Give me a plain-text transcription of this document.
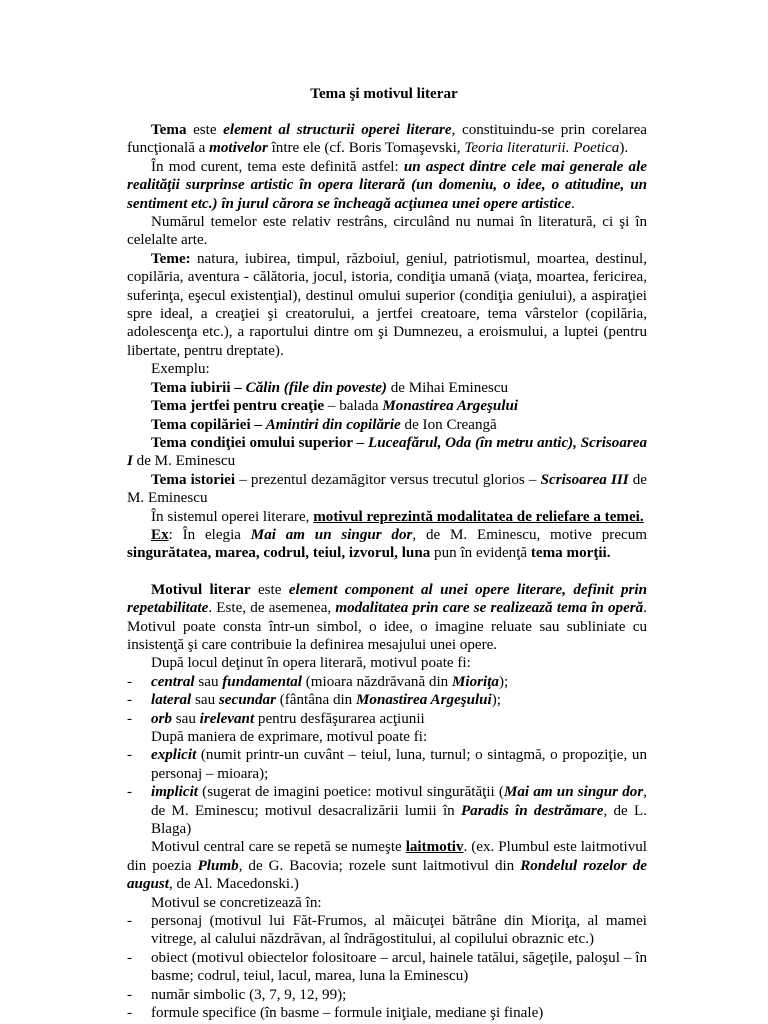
Tema şi motivul literar

Tema este element al structurii operei literare, constituindu-se prin corelarea funcţională a motivelor între ele (cf. Boris Tomaşevski, Teoria literaturii. Poetica).

În mod curent, tema este definită astfel: un aspect dintre cele mai generale ale realităţii surprinse artistic în opera literară (un domeniu, o idee, o atitudine, un sentiment etc.) în jurul cărora se încheagă acţiunea unei opere artistice.

Numărul temelor este relativ restrâns, circulând nu numai în literatură, ci şi în celelalte arte.

Teme: natura, iubirea, timpul, războiul, geniul, patriotismul, moartea, destinul, copilăria, aventura - călătoria, jocul, istoria, condiţia umană (viaţa, moartea, fericirea, suferinţa, eşecul existenţial), destinul omului superior (condiţia geniului), a aspiraţiei spre ideal, a creaţiei şi creatorului, a jertfei creatoare, tema vârstelor (copilăria, adolescenţa etc.), a raportului dintre om şi Dumnezeu, a eroismului, a luptei (pentru libertate, pentru dreptate).

Exemplu:

Tema iubirii – Călin (file din poveste) de Mihai Eminescu

Tema jertfei pentru creaţie – balada Monastirea Argeşului

Tema copilăriei – Amintiri din copilărie de Ion Creangă

Tema condiţiei omului superior – Luceafărul, Oda (în metru antic), Scrisoarea I de M. Eminescu

Tema istoriei – prezentul dezamăgitor versus trecutul glorios – Scrisoarea III de M. Eminescu

În sistemul operei literare, motivul reprezintă modalitatea de reliefare a temei.

Ex: În elegia Mai am un singur dor, de M. Eminescu, motive precum singurătatea, marea, codrul, teiul, izvorul, luna pun în evidenţă tema morţii.

Motivul literar este element component al unei opere literare, definit prin repetabilitate. Este, de asemenea, modalitatea prin care se realizează tema în operă. Motivul poate consta într-un simbol, o idee, o imagine reluate sau subliniate cu insistenţă şi care contribuie la definirea mesajului unei opere.

După locul deţinut în opera literară, motivul poate fi:

- central sau fundamental (mioara năzdrăvană din Mioriţa);
- lateral sau secundar (fântâna din Monastirea Argeşului);
- orb sau irelevant pentru desfăşurarea acţiunii

După maniera de exprimare, motivul poate fi:

- explicit (numit printr-un cuvânt – teiul, luna, turnul; o sintagmă, o propoziţie, un personaj – mioara);
- implicit (sugerat de imagini poetice: motivul singurătăţii (Mai am un singur dor, de M. Eminescu; motivul desacralizării lumii în Paradis în destrămare, de L. Blaga)

Motivul central care se repetă se numeşte laitmotiv. (ex. Plumbul este laitmotivul din poezia Plumb, de G. Bacovia; rozele sunt laitmotivul din Rondelul rozelor de august, de Al. Macedonski.)

Motivul se concretizează în:

- personaj (motivul lui Făt-Frumos, al măicuţei bătrâne din Mioriţa, al mamei vitrege, al calului năzdrăvan, al îndrăgostitului, al copilului obraznic etc.)
- obiect (motivul obiectelor folositoare – arcul, hainele tatălui, săgeţile, paloşul – în basme; codrul, teiul, lacul, marea, luna la Eminescu)
- număr simbolic (3, 7, 9, 12, 99);
- formule specifice (în basme – formule iniţiale, mediane şi finale)
